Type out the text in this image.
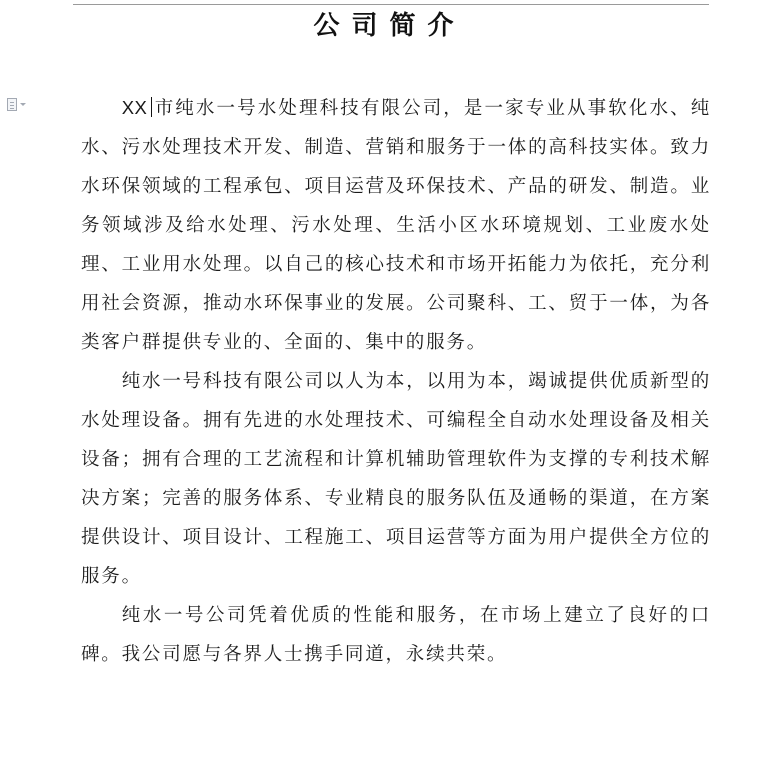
公司简介

XX 市纯水一号水处理科技有限公司，是一家专业从事软化水、纯水、污水处理技术开发、制造、营销和服务于一体的高科技实体。致力水环保领域的工程承包、项目运营及环保技术、产品的研发、制造。业务领域涉及给水处理、污水处理、生活小区水环境规划、工业废水处理、工业用水处理。以自己的核心技术和市场开拓能力为依托，充分利用社会资源，推动水环保事业的发展。公司聚科、工、贸于一体，为各类客户群提供专业的、全面的、集中的服务。

纯水一号科技有限公司以人为本，以用为本，竭诚提供优质新型的水处理设备。拥有先进的水处理技术、可编程全自动水处理设备及相关设备；拥有合理的工艺流程和计算机辅助管理软件为支撑的专利技术解决方案；完善的服务体系、专业精良的服务队伍及通畅的渠道，在方案提供设计、项目设计、工程施工、项目运营等方面为用户提供全方位的服务。

纯水一号公司凭着优质的性能和服务，在市场上建立了良好的口碑。我公司愿与各界人士携手同道，永续共荣。
